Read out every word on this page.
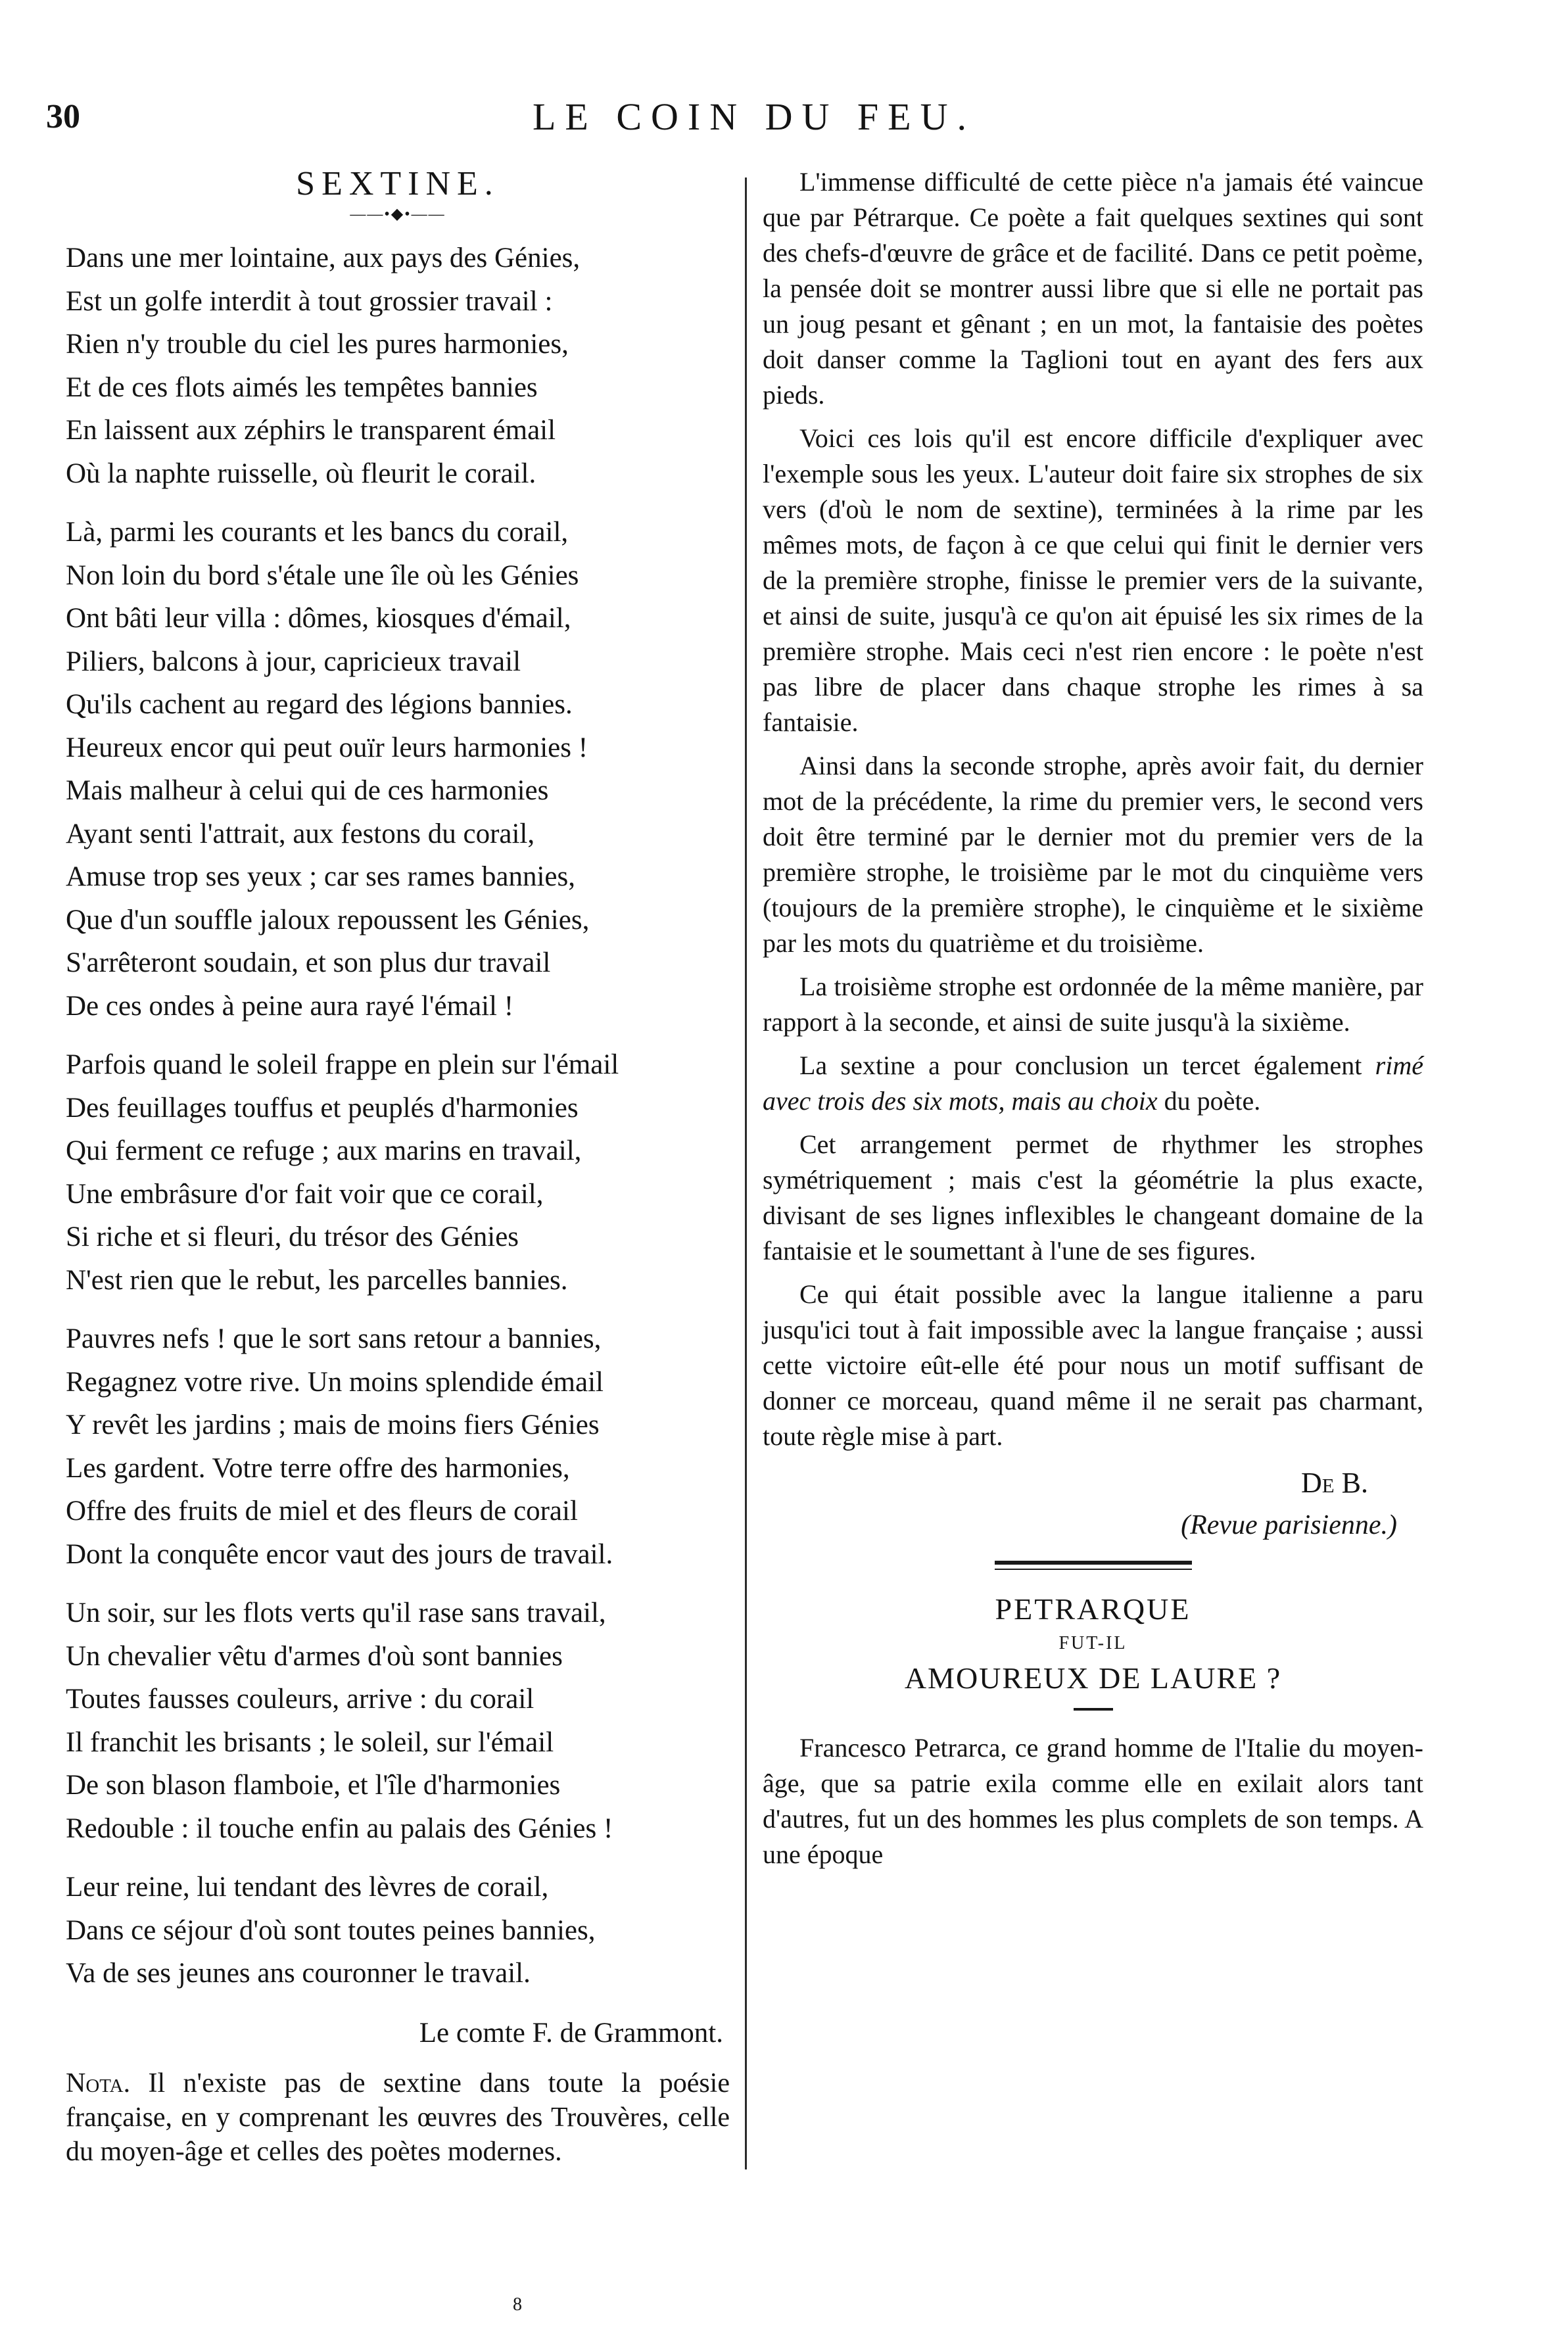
30	LE COIN DU FEU.
SEXTINE.
——•◆•——
Dans une mer lointaine, aux pays des Génies,
Est un golfe interdit à tout grossier travail :
Rien n'y trouble du ciel les pures harmonies,
Et de ces flots aimés les tempêtes bannies
En laissent aux zéphirs le transparent émail
Où la naphte ruisselle, où fleurit le corail.
Là, parmi les courants et les bancs du corail,
Non loin du bord s'étale une île où les Génies
Ont bâti leur villa : dômes, kiosques d'émail,
Piliers, balcons à jour, capricieux travail
Qu'ils cachent au regard des légions bannies.
Heureux encor qui peut ouïr leurs harmonies !
Mais malheur à celui qui de ces harmonies
Ayant senti l'attrait, aux festons du corail,
Amuse trop ses yeux ; car ses rames bannies,
Que d'un souffle jaloux repoussent les Génies,
S'arrêteront soudain, et son plus dur travail
De ces ondes à peine aura rayé l'émail !
Parfois quand le soleil frappe en plein sur l'émail
Des feuillages touffus et peuplés d'harmonies
Qui ferment ce refuge ; aux marins en travail,
Une embrâsure d'or fait voir que ce corail,
Si riche et si fleuri, du trésor des Génies
N'est rien que le rebut, les parcelles bannies.
Pauvres nefs ! que le sort sans retour a bannies,
Regagnez votre rive. Un moins splendide émail
Y revêt les jardins ; mais de moins fiers Génies
Les gardent. Votre terre offre des harmonies,
Offre des fruits de miel et des fleurs de corail
Dont la conquête encor vaut des jours de travail.
Un soir, sur les flots verts qu'il rase sans travail,
Un chevalier vêtu d'armes d'où sont bannies
Toutes fausses couleurs, arrive : du corail
Il franchit les brisants ; le soleil, sur l'émail
De son blason flamboie, et l'île d'harmonies
Redouble : il touche enfin au palais des Génies !
Leur reine, lui tendant des lèvres de corail,
Dans ce séjour d'où sont toutes peines bannies,
Va de ses jeunes ans couronner le travail.
Le comte F. de Grammont.
Nota. Il n'existe pas de sextine dans toute la poésie française, en y comprenant les œuvres des Trouvères, celle du moyen-âge et celles des poètes modernes.

L'immense difficulté de cette pièce n'a jamais été vaincue que par Pétrarque. Ce poète a fait quelques sextines qui sont des chefs-d'œuvre de grâce et de facilité. Dans ce petit poème, la pensée doit se montrer aussi libre que si elle ne portait pas un joug pesant et gênant ; en un mot, la fantaisie des poètes doit danser comme la Taglioni tout en ayant des fers aux pieds.

Voici ces lois qu'il est encore difficile d'expliquer avec l'exemple sous les yeux. L'auteur doit faire six strophes de six vers (d'où le nom de sextine), terminées à la rime par les mêmes mots, de façon à ce que celui qui finit le dernier vers de la première strophe, finisse le premier vers de la suivante, et ainsi de suite, jusqu'à ce qu'on ait épuisé les six rimes de la première strophe. Mais ceci n'est rien encore : le poète n'est pas libre de placer dans chaque strophe les rimes à sa fantaisie.

Ainsi dans la seconde strophe, après avoir fait, du dernier mot de la précédente, la rime du premier vers, le second vers doit être terminé par le dernier mot du premier vers de la première strophe, le troisième par le mot du cinquième vers (toujours de la première strophe), le cinquième et le sixième par les mots du quatrième et du troisième.

La troisième strophe est ordonnée de la même manière, par rapport à la seconde, et ainsi de suite jusqu'à la sixième.

La sextine a pour conclusion un tercet également rimé avec trois des six mots, mais au choix du poète.

Cet arrangement permet de rhythmer les strophes symétriquement ; mais c'est la géométrie la plus exacte, divisant de ses lignes inflexibles le changeant domaine de la fantaisie et le soumettant à l'une de ses figures.

Ce qui était possible avec la langue italienne a paru jusqu'ici tout à fait impossible avec la langue française ; aussi cette victoire eût-elle été pour nous un motif suffisant de donner ce morceau, quand même il ne serait pas charmant, toute règle mise à part.

De B.
(Revue parisienne.)
PETRARQUE
FUT-IL
AMOUREUX DE LAURE ?

Francesco Petrarca, ce grand homme de l'Italie du moyen-âge, que sa patrie exila comme elle en exilait alors tant d'autres, fut un des hommes les plus complets de son temps. A une époque

8
